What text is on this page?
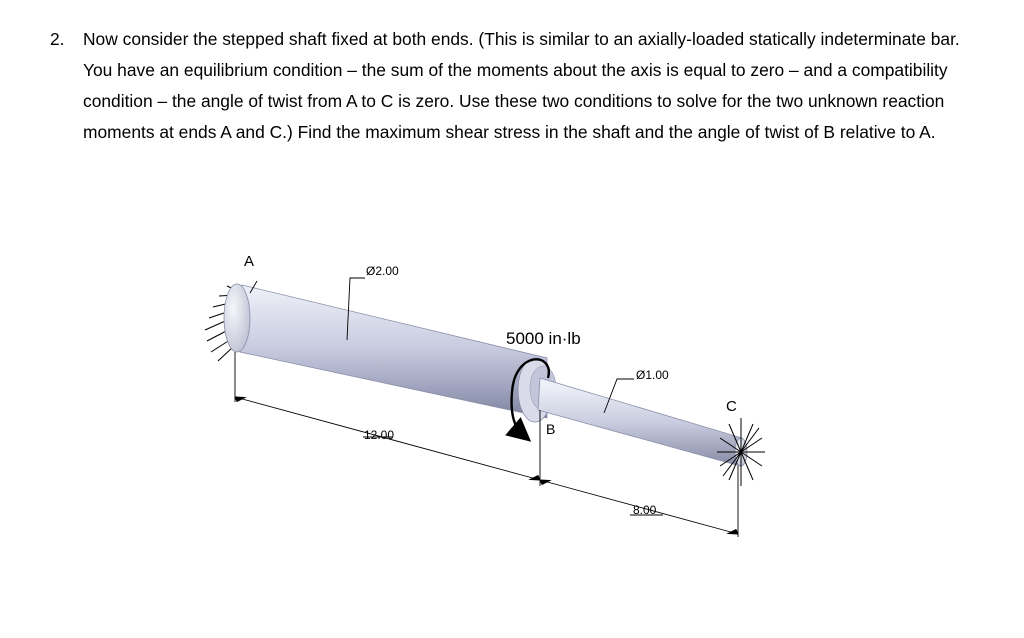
2.	Now consider the stepped shaft fixed at both ends. (This is similar to an axially-loaded statically indeterminate bar. You have an equilibrium condition – the sum of the moments about the axis is equal to zero – and a compatibility condition – the angle of twist from A to C is zero. Use these two conditions to solve for the two unknown reaction moments at ends A and C.) Find the maximum shear stress in the shaft and the angle of twist of B relative to A.
A
B
C
5000 in·lb
Ø2.00
Ø1.00
12.00
8.00
